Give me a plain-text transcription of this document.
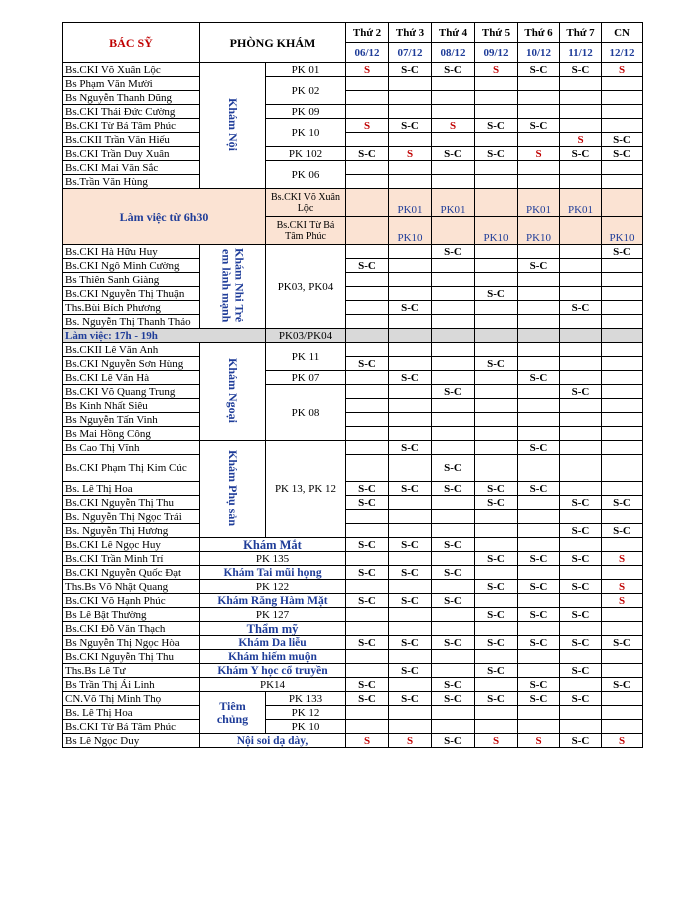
BÁC SỸ	PHÒNG KHÁM		Thứ 2	Thứ 3	Thứ 4	Thứ 5	Thứ 6	Thứ 7	CN
			06/12	07/12	08/12	09/12	10/12	11/12	12/12
Bs.CKI Võ Xuân Lộc	Khám Nội	PK 01	S	S-C	S-C	S	S-C	S-C	S
Bs Phạm Văn Mười		PK 02							
Bs Nguyễn Thanh Dũng									
Bs.CKI Thái Đức Cường		PK 09							
Bs.CKI Từ Bá Tâm Phúc		PK 10	S	S-C	S	S-C	S-C		
Bs.CKII Trần Văn Hiếu								S	S-C
Bs.CKI Trần Duy Xuân		PK 102	S-C	S	S-C	S-C	S	S-C	S-C
Bs.CKI Mai Văn Sắc		PK 06							
Bs.Trần Văn Hùng									
Làm việc từ 6h30		Bs.CKI Võ Xuân Lộc		PK01	PK01		PK01	PK01	
		Bs.CKI Từ Bá Tâm Phúc		PK10		PK10	PK10		PK10
Bs.CKI Hà Hữu Huy	Khám Nhi Trẻ em lành mạnh	PK03, PK04			S-C				S-C
Bs.CKI Ngô Minh Cường			S-C				S-C		
Bs Thiên Sanh Giàng									
Bs.CKI Nguyễn Thị Thuận						S-C			
Ths.Bùi Bích Phương				S-C				S-C	
Bs. Nguyễn Thị Thanh Thảo									
Làm việc: 17h - 19h		PK03/PK04							
Bs.CKII Lê Văn Anh	Khám Ngoại	PK 11							
Bs.CKI Nguyễn Sơn Hùng			S-C			S-C			
Bs.CKI Lê Văn Hà		PK 07		S-C			S-C		
Bs.CKI Võ Quang Trung		PK 08			S-C			S-C	
Bs Kinh Nhất Siêu									
Bs Nguyễn Tấn Vinh									
Bs Mai Hồng Công									
Bs Cao Thị Vĩnh	Khám Phụ sản	PK 13, PK 12		S-C			S-C		
Bs.CKI Phạm Thị Kim Cúc					S-C				
Bs. Lê Thị Hoa			S-C	S-C	S-C	S-C	S-C		
Bs.CKI Nguyễn Thị Thu			S-C			S-C		S-C	S-C
Bs. Nguyễn Thị Ngọc Trái									
Bs. Nguyễn Thị Hương								S-C	S-C
Bs.CKI Lê Ngọc Huy	Khám Mắt		S-C	S-C	S-C				
Bs.CKI Trần Minh Trí	PK 135					S-C	S-C	S-C	S
Bs.CKI Nguyễn Quốc Đạt	Khám Tai mũi họng		S-C	S-C	S-C				
Ths.Bs Võ Nhật Quang	PK 122					S-C	S-C	S-C	S
Bs.CKI Võ Hạnh Phúc	Khám Răng Hàm Mặt		S-C	S-C	S-C				S
Bs Lê Bật Thường	PK 127					S-C	S-C	S-C	
Bs.CKI Đỗ Văn Thạch	Thẩm mỹ								
Bs Nguyễn Thị Ngọc Hòa	Khám Da liễu		S-C	S-C	S-C	S-C	S-C	S-C	S-C
Bs.CKI Nguyễn Thị Thu	Khám hiếm muộn								
Ths.Bs Lê Tư	Khám Y học cổ truyền			S-C		S-C		S-C	
Bs Trần Thị Ái Linh	PK14		S-C		S-C		S-C		S-C
CN.Võ Thị Minh Thọ	Tiêm chủng	PK 133	S-C	S-C	S-C	S-C	S-C	S-C	
Bs. Lê Thị Hoa		PK 12							
Bs.CKI Từ Bá Tâm Phúc		PK 10							
Bs Lê Ngọc Duy	Nội soi dạ dày,		S	S	S-C	S	S	S-C	S
